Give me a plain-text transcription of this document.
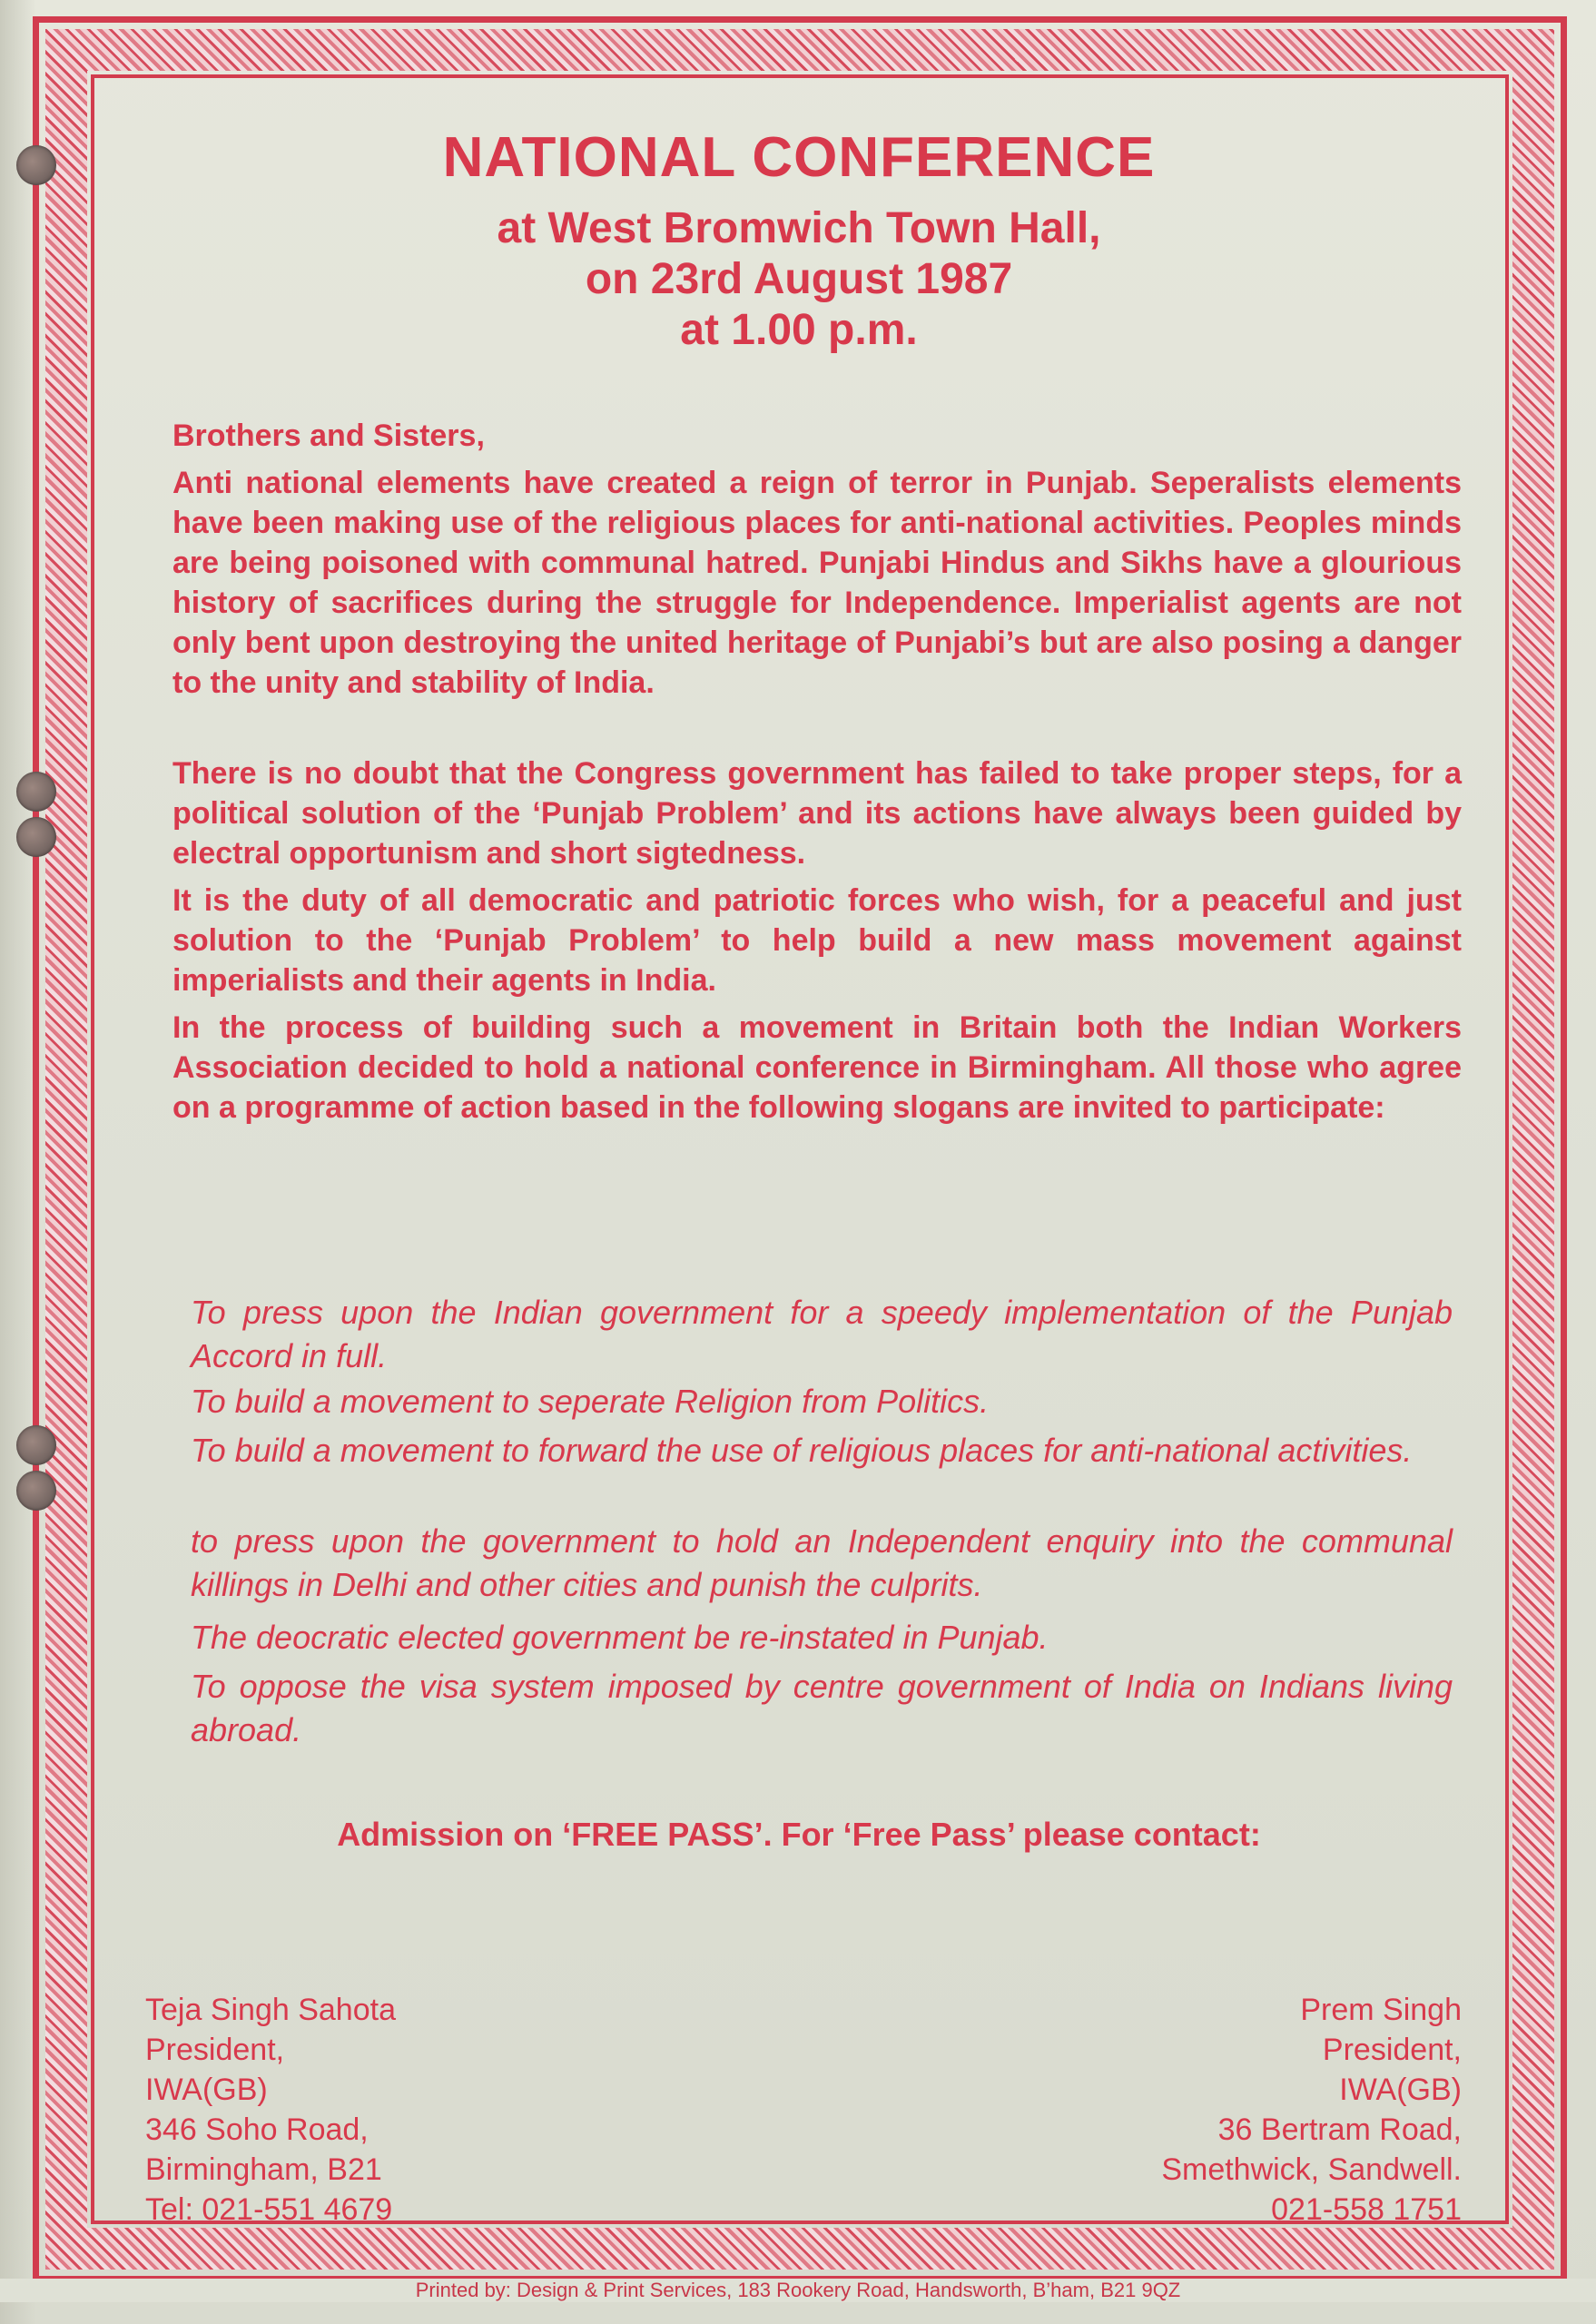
NATIONAL CONFERENCE

at West Bromwich Town Hall,

on 23rd August 1987

at 1.00 p.m.

Brothers and Sisters,

Anti national elements have created a reign of terror in Punjab. Seperalists elements have been making use of the religious places for anti-national activities. Peoples minds are being poisoned with communal hatred. Punjabi Hindus and Sikhs have a glourious history of sacrifices during the struggle for Independence. Imperialist agents are not only bent upon destroying the united heritage of Punjabi’s but are also posing a danger to the unity and stability of India.

There is no doubt that the Congress government has failed to take proper steps, for a political solution of the ‘Punjab Problem’ and its actions have always been guided by electral opportunism and short sigtedness.

It is the duty of all democratic and patriotic forces who wish, for a peaceful and just solution to the ‘Punjab Problem’ to help build a new mass movement against imperialists and their agents in India.

In the process of building such a movement in Britain both the Indian Workers Association decided to hold a national conference in Birmingham. All those who agree on a programme of action based in the following slogans are invited to participate:

To press upon the Indian government for a speedy implementation of the Punjab Accord in full.

To build a movement to seperate Religion from Politics.

To build a movement to forward the use of religious places for anti-national activities.

to press upon the government to hold an Independent enquiry into the communal killings in Delhi and other cities and punish the culprits.

The deocratic elected government be re-instated in Punjab.

To oppose the visa system imposed by centre government of India on Indians living abroad.

Admission on ‘FREE PASS’. For ‘Free Pass’ please contact:

Teja Singh Sahota
President,
IWA(GB)
346 Soho Road,
Birmingham, B21
Tel: 021-551 4679
Prem Singh
President,
IWA(GB)
36 Bertram Road,
Smethwick, Sandwell.
021-558 1751
Printed by: Design & Print Services, 183 Rookery Road, Handsworth, B’ham, B21 9QZ
